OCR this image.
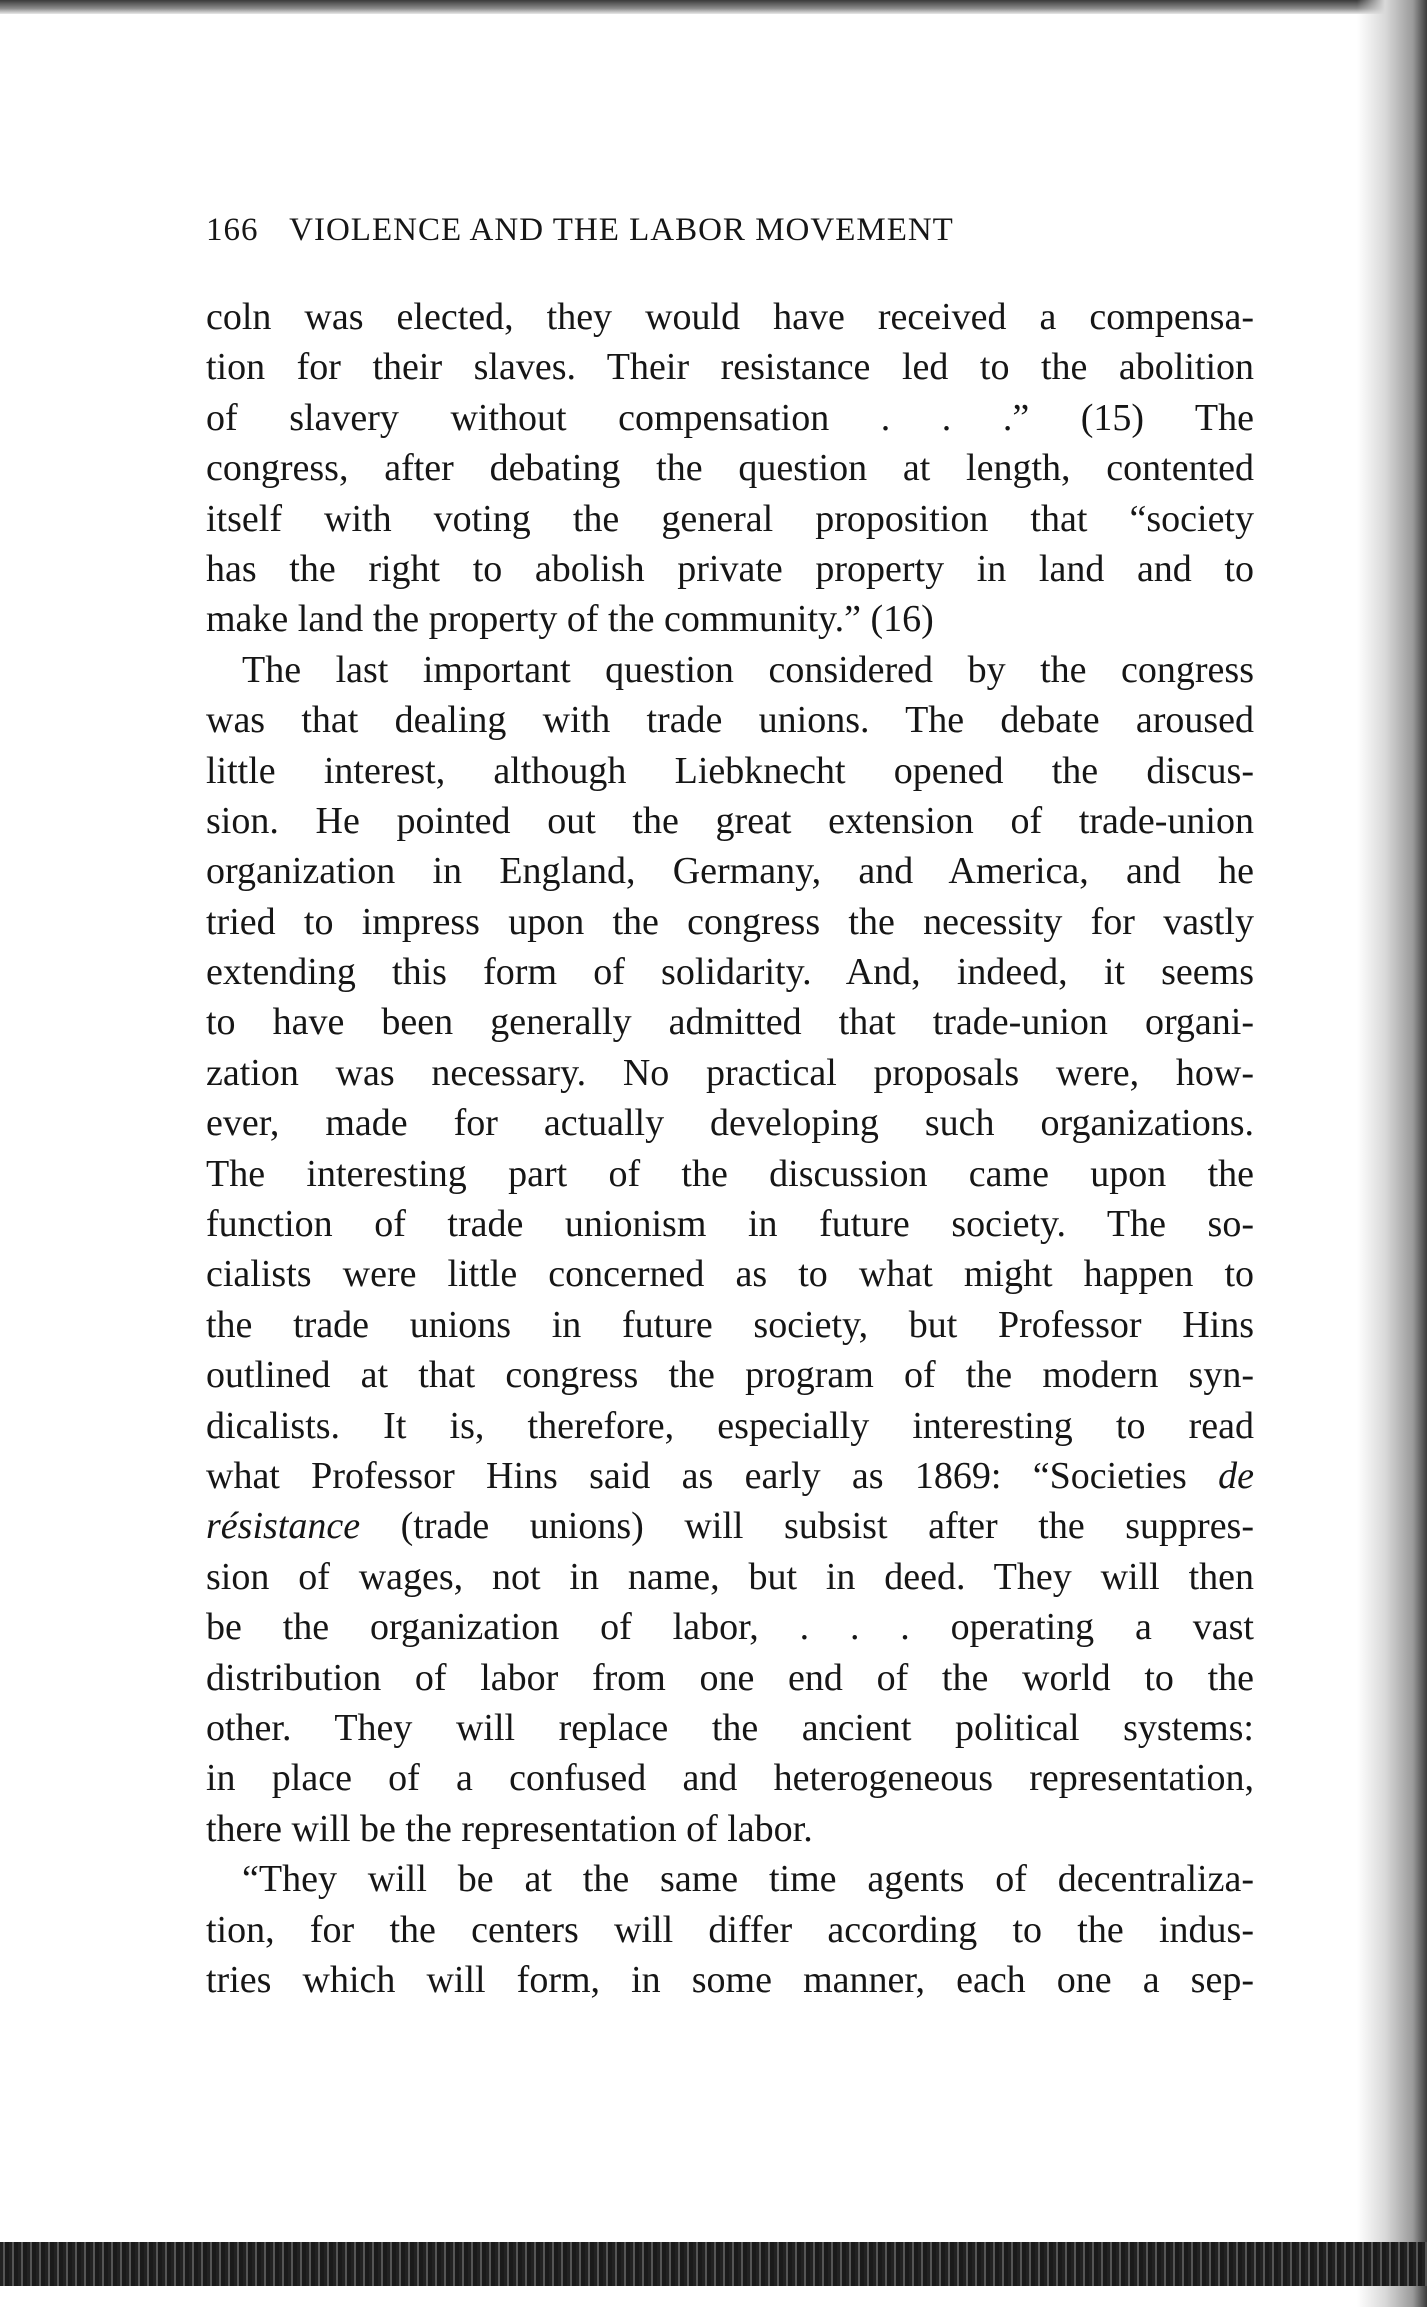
166 VIOLENCE AND THE LABOR MOVEMENT
coln was elected, they would have received a compensa-
tion for their slaves. Their resistance led to the abolition
of slavery without compensation . . .” (15) The
congress, after debating the question at length, contented
itself with voting the general proposition that “society
has the right to abolish private property in land and to
make land the property of the community.” (16)
The last important question considered by the congress
was that dealing with trade unions. The debate aroused
little interest, although Liebknecht opened the discus-
sion. He pointed out the great extension of trade-union
organization in England, Germany, and America, and he
tried to impress upon the congress the necessity for vastly
extending this form of solidarity. And, indeed, it seems
to have been generally admitted that trade-union organi-
zation was necessary. No practical proposals were, how-
ever, made for actually developing such organizations.
The interesting part of the discussion came upon the
function of trade unionism in future society. The so-
cialists were little concerned as to what might happen to
the trade unions in future society, but Professor Hins
outlined at that congress the program of the modern syn-
dicalists. It is, therefore, especially interesting to read
what Professor Hins said as early as 1869: “Societies de
résistance (trade unions) will subsist after the suppres-
sion of wages, not in name, but in deed. They will then
be the organization of labor, . . . operating a vast
distribution of labor from one end of the world to the
other. They will replace the ancient political systems:
in place of a confused and heterogeneous representation,
there will be the representation of labor.
“They will be at the same time agents of decentraliza-
tion, for the centers will differ according to the indus-
tries which will form, in some manner, each one a sep-
